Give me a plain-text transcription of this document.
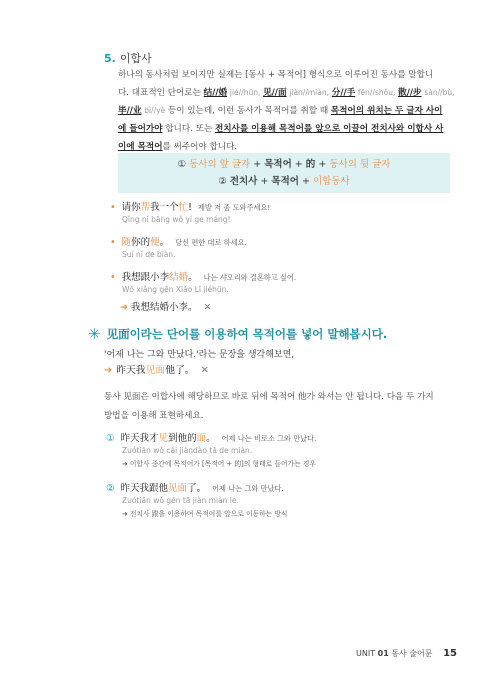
5. 이합사
하나의 동사처럼 보이지만 실제는 [동사 + 목적어] 형식으로 이루어진 동사를 말합니
다. 대표적인 단어로는 结//婚 jié//hūn, 见//面 jiàn//miàn, 分//手 fēn//shǒu, 散//步 sàn//bù,
毕//业 bì//yè 등이 있는데, 이런 동사가 목적어를 취할 때 목적어의 위치는 두 글자 사이
에 들어가야 합니다. 또는 전치사를 이용해 목적어를 앞으로 이끌어 전치사와 이합사 사
이에 목적어를 써주어야 합니다.
① 동사의 앞 글자 + 목적어 + 的 + 동사의 뒷 글자
② 전치사 + 목적어 + 이합동사
• 请你帮我一个忙! 제발 저 좀 도와주세요!
Qǐng nǐ bāng wǒ yí ge máng!
• 随你的便。 당신 편한 대로 하세요.
Suí nǐ de biàn.
• 我想跟小李结婚。 나는 샤오리와 결혼하고 싶어.
Wǒ xiǎng gēn Xiǎo Lǐ jiéhūn.
➔ 我想结婚小李。 ✕
✳ 见面이라는 단어를 이용하여 목적어를 넣어 말해봅시다.
'어제 나는 그와 만났다.'라는 문장을 생각해보면,
➔ 昨天我见面他了。 ✕
동사 见面은 이합사에 해당하므로 바로 뒤에 목적어 他가 와서는 안 됩니다. 다음 두 가지
방법을 이용해 표현하세요.
① 昨天我才见到他的面。 어제 나는 비로소 그와 만났다.
Zuótiān wǒ cái jiàndào tā de miàn.
➔ 이합사 중간에 목적어가 [목적어 + 的]의 형태로 들어가는 경우
② 昨天我跟他见面了。 어제 나는 그와 만났다.
Zuótiān wǒ gēn tā jiàn miàn le.
➔ 전치사 跟을 이용하여 목적어를 앞으로 이동하는 방식
UNIT 01 동사 술어문 15
